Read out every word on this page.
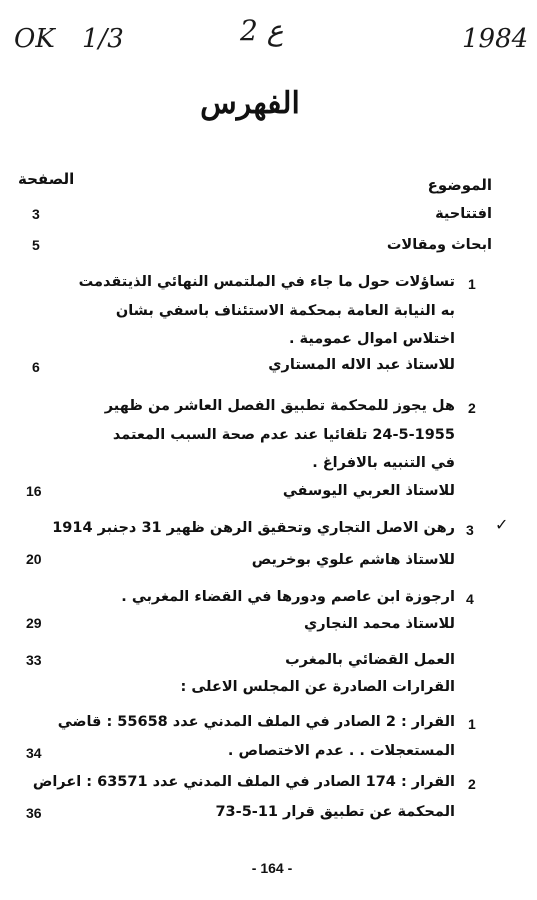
OK 1/3	ع 2	1984
الفهرس
الموضوع
الصفحة
افتتاحية
3
ابحاث ومقالات
5
1
تساؤلات حول ما جاء في الملتمس النهائي الذيتقدمت
به النيابة العامة بمحكمة الاستئناف باسفي بشان
اختلاس اموال عمومية .
للاستاذ عبد الاله المستاري
6
2
هل يجوز للمحكمة تطبيق الفصل العاشر من ظهير
24-5-1955 تلقائيا عند عدم صحة السبب المعتمد
في التنبيه بالافراغ .
للاستاذ العربي اليوسفي
16
✓
3
رهن الاصل التجاري وتحقيق الرهن ظهير 31 دجنبر 1914
للاستاذ هاشم علوي بوخريص
20
4
ارجوزة ابن عاصم ودورها في القضاء المغربي .
للاستاذ محمد النجاري
29
العمل القضائي بالمغرب
33
القرارات الصادرة عن المجلس الاعلى :
1
القرار : 2 الصادر في الملف المدني عدد 55658 : قاضي
المستعجلات . . عدم الاختصاص .
34
2
القرار : 174 الصادر في الملف المدني عدد 63571 : اعراض
المحكمة عن تطبيق قرار 11-5-73
36
- 164 -
